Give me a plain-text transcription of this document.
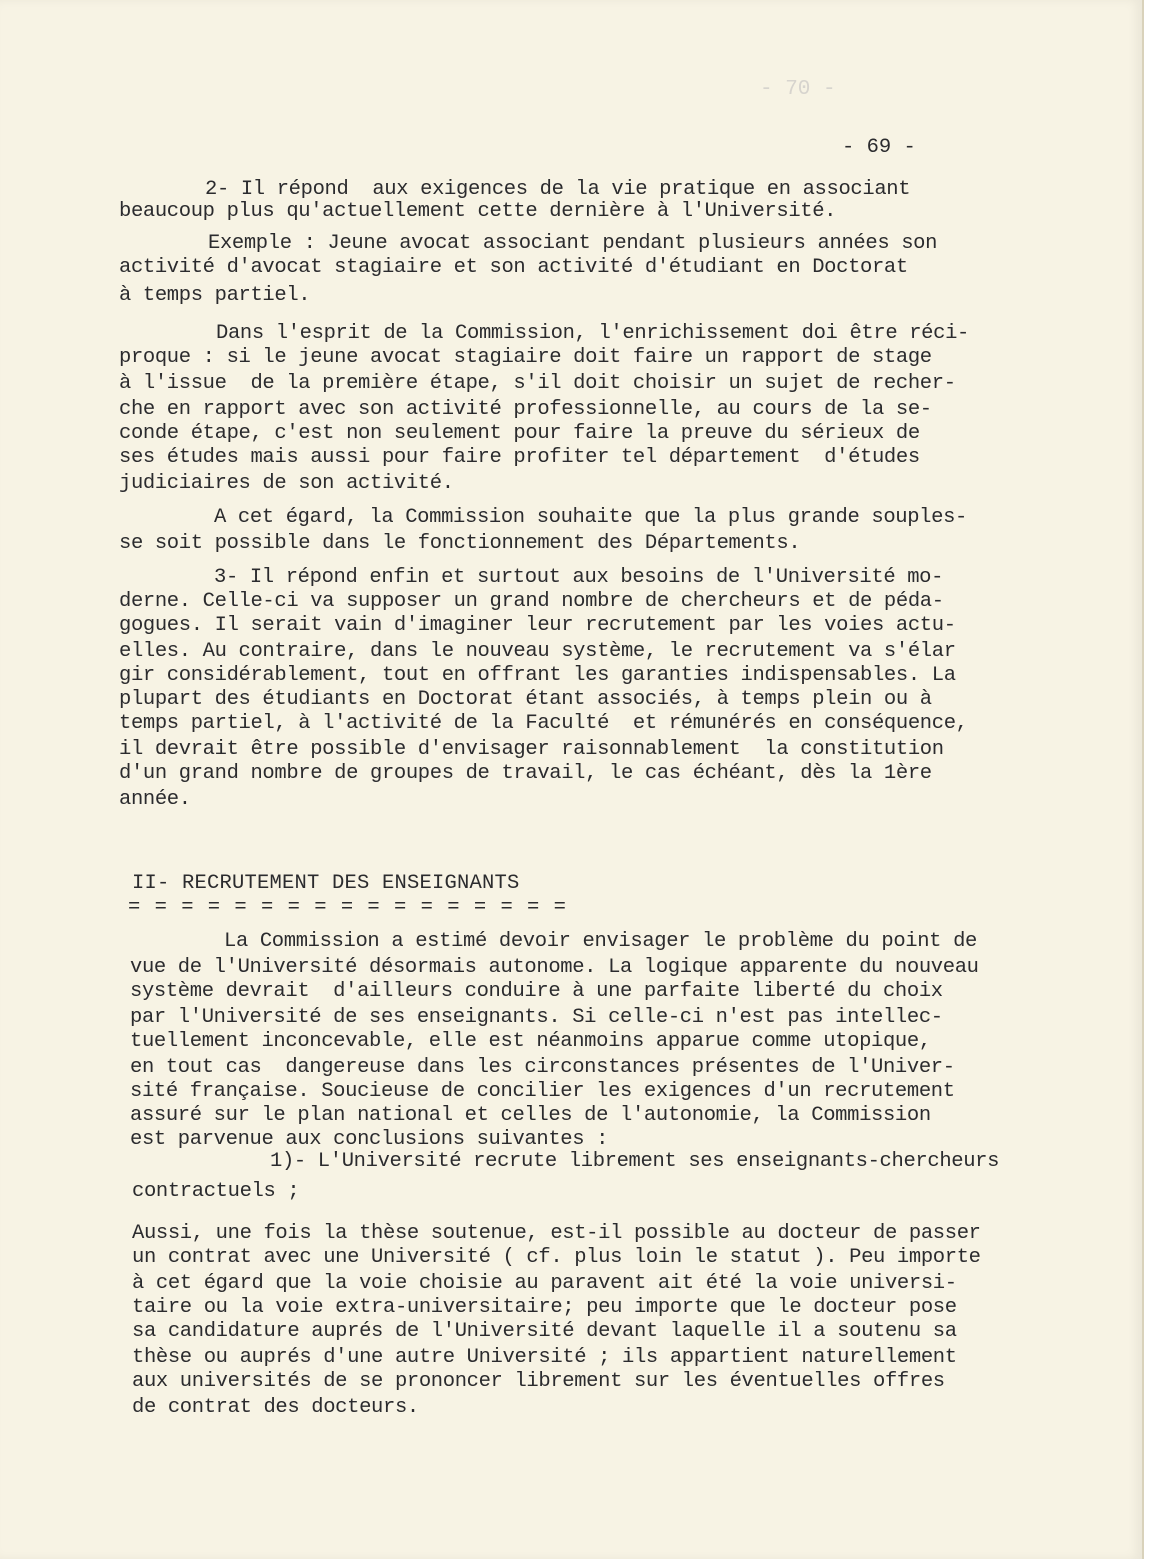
- 70 -
- 69 -
2- Il répond  aux exigences de la vie pratique en associant
beaucoup plus qu'actuellement cette dernière à l'Université.
Exemple : Jeune avocat associant pendant plusieurs années son
activité d'avocat stagiaire et son activité d'étudiant en Doctorat
à temps partiel.
Dans l'esprit de la Commission, l'enrichissement doi être réci-
proque : si le jeune avocat stagiaire doit faire un rapport de stage
à l'issue  de la première étape, s'il doit choisir un sujet de recher-
che en rapport avec son activité professionnelle, au cours de la se-
conde étape, c'est non seulement pour faire la preuve du sérieux de
ses études mais aussi pour faire profiter tel département  d'études
judiciaires de son activité.
A cet égard, la Commission souhaite que la plus grande souples-
se soit possible dans le fonctionnement des Départements.
3- Il répond enfin et surtout aux besoins de l'Université mo-
derne. Celle-ci va supposer un grand nombre de chercheurs et de péda-
gogues. Il serait vain d'imaginer leur recrutement par les voies actu-
elles. Au contraire, dans le nouveau système, le recrutement va s'élar
gir considérablement, tout en offrant les garanties indispensables. La
plupart des étudiants en Doctorat étant associés, à temps plein ou à
temps partiel, à l'activité de la Faculté  et rémunérés en conséquence,
il devrait être possible d'envisager raisonnablement  la constitution
d'un grand nombre de groupes de travail, le cas échéant, dès la 1ère
année.
La Commission a estimé devoir envisager le problème du point de
vue de l'Université désormais autonome. La logique apparente du nouveau
système devrait  d'ailleurs conduire à une parfaite liberté du choix
par l'Université de ses enseignants. Si celle-ci n'est pas intellec-
tuellement inconcevable, elle est néanmoins apparue comme utopique,
en tout cas  dangereuse dans les circonstances présentes de l'Univer-
sité française. Soucieuse de concilier les exigences d'un recrutement
assuré sur le plan national et celles de l'autonomie, la Commission
est parvenue aux conclusions suivantes :
1)- L'Université recrute librement ses enseignants-chercheurs
contractuels ;
Aussi, une fois la thèse soutenue, est-il possible au docteur de passer
un contrat avec une Université ( cf. plus loin le statut ). Peu importe
à cet égard que la voie choisie au paravent ait été la voie universi-
taire ou la voie extra-universitaire; peu importe que le docteur pose
sa candidature auprés de l'Université devant laquelle il a soutenu sa
thèse ou auprés d'une autre Université ; ils appartient naturellement
aux universités de se prononcer librement sur les éventuelles offres
de contrat des docteurs.
II- RECRUTEMENT DES ENSEIGNANTS
= = = = = = = = = = = = = = = = =
